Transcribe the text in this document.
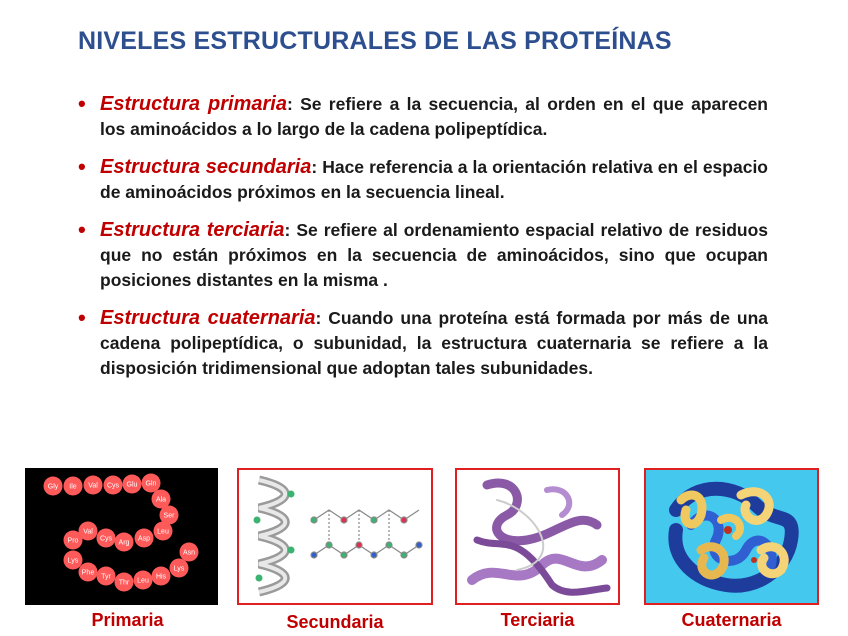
NIVELES ESTRUCTURALES DE LAS PROTEÍNAS
• Estructura primaria: Se refiere a la secuencia, al orden en el que aparecen los aminoácidos a lo largo de la cadena polipeptídica.
• Estructura secundaria: Hace referencia a la orientación relativa en el espacio de aminoácidos próximos en la secuencia lineal.
• Estructura terciaria: Se refiere al ordenamiento espacial relativo de residuos que no están próximos en la secuencia de aminoácidos, sino que ocupan posiciones distantes en la misma .
• Estructura cuaternaria: Cuando una proteína está formada por más de una cadena polipeptídica, o subunidad, la estructura cuaternaria se refiere a la disposición tridimensional que adoptan tales subunidades.
Gly Ile Val Cys Glu Gln
Ala
Ser
Leu
Asp
Arg
Cys
Val
Pro
Lys
Phe
Tyr
Thr Leu
His
Lys
Asn
Primaria	Secundaria	Terciaria	Cuaternaria
